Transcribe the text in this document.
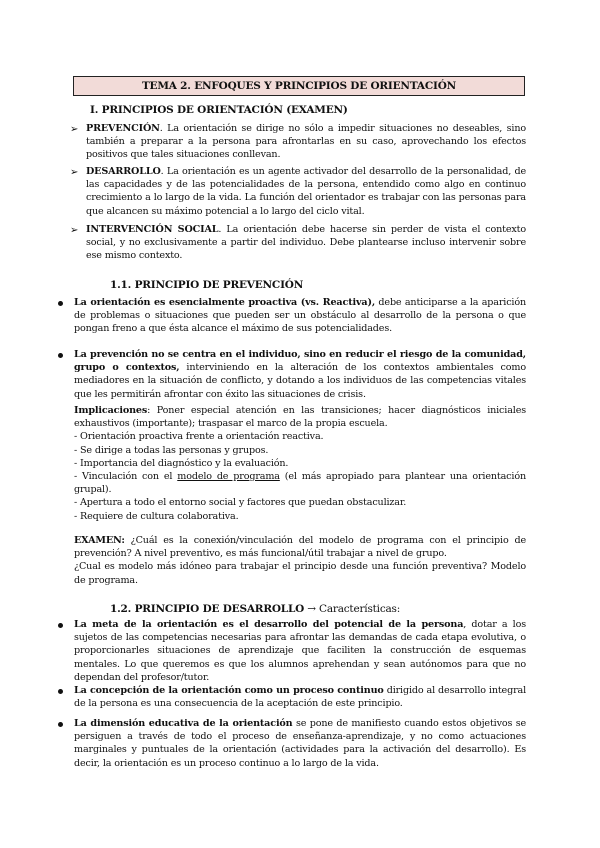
TEMA 2. ENFOQUES Y PRINCIPIOS DE ORIENTACIÓN
I. PRINCIPIOS DE ORIENTACIÓN (EXAMEN)
➢ PREVENCIÓN. La orientación se dirige no sólo a impedir situaciones no deseables, sino también a preparar a la persona para afrontarlas en su caso, aprovechando los efectos positivos que tales situaciones conllevan.
➢ DESARROLLO. La orientación es un agente activador del desarrollo de la personalidad, de las capacidades y de las potencialidades de la persona, entendido como algo en continuo crecimiento a lo largo de la vida. La función del orientador es trabajar con las personas para que alcancen su máximo potencial a lo largo del ciclo vital.
➢ INTERVENCIÓN SOCIAL. La orientación debe hacerse sin perder de vista el contexto social, y no exclusivamente a partir del individuo. Debe plantearse incluso intervenir sobre ese mismo contexto.
1.1. PRINCIPIO DE PREVENCIÓN
La orientación es esencialmente proactiva (vs. Reactiva), debe anticiparse a la aparición de problemas o situaciones que pueden ser un obstáculo al desarrollo de la persona o que pongan freno a que ésta alcance el máximo de sus potencialidades.
La prevención no se centra en el individuo, sino en reducir el riesgo de la comunidad, grupo o contextos, interviniendo en la alteración de los contextos ambientales como mediadores en la situación de conflicto, y dotando a los individuos de las competencias vitales que les permitirán afrontar con éxito las situaciones de crisis.
Implicaciones: Poner especial atención en las transiciones; hacer diagnósticos iniciales exhaustivos (importante); traspasar el marco de la propia escuela.
- Orientación proactiva frente a orientación reactiva.
- Se dirige a todas las personas y grupos.
- Importancia del diagnóstico y la evaluación.
- Vinculación con el modelo de programa (el más apropiado para plantear una orientación grupal).
- Apertura a todo el entorno social y factores que puedan obstaculizar.
- Requiere de cultura colaborativa.
EXAMEN: ¿Cuál es la conexión/vinculación del modelo de programa con el principio de prevención? A nivel preventivo, es más funcional/útil trabajar a nivel de grupo.
¿Cual es modelo más idóneo para trabajar el principio desde una función preventiva? Modelo de programa.
1.2. PRINCIPIO DE DESARROLLO → Características:
La meta de la orientación es el desarrollo del potencial de la persona, dotar a los sujetos de las competencias necesarias para afrontar las demandas de cada etapa evolutiva, o proporcionarles situaciones de aprendizaje que faciliten la construcción de esquemas mentales. Lo que queremos es que los alumnos aprehendan y sean autónomos para que no dependan del profesor/tutor.
La concepción de la orientación como un proceso continuo dirigido al desarrollo integral de la persona es una consecuencia de la aceptación de este principio.
La dimensión educativa de la orientación se pone de manifiesto cuando estos objetivos se persiguen a través de todo el proceso de enseñanza-aprendizaje, y no como actuaciones marginales y puntuales de la orientación (actividades para la activación del desarrollo). Es decir, la orientación es un proceso continuo a lo largo de la vida.
